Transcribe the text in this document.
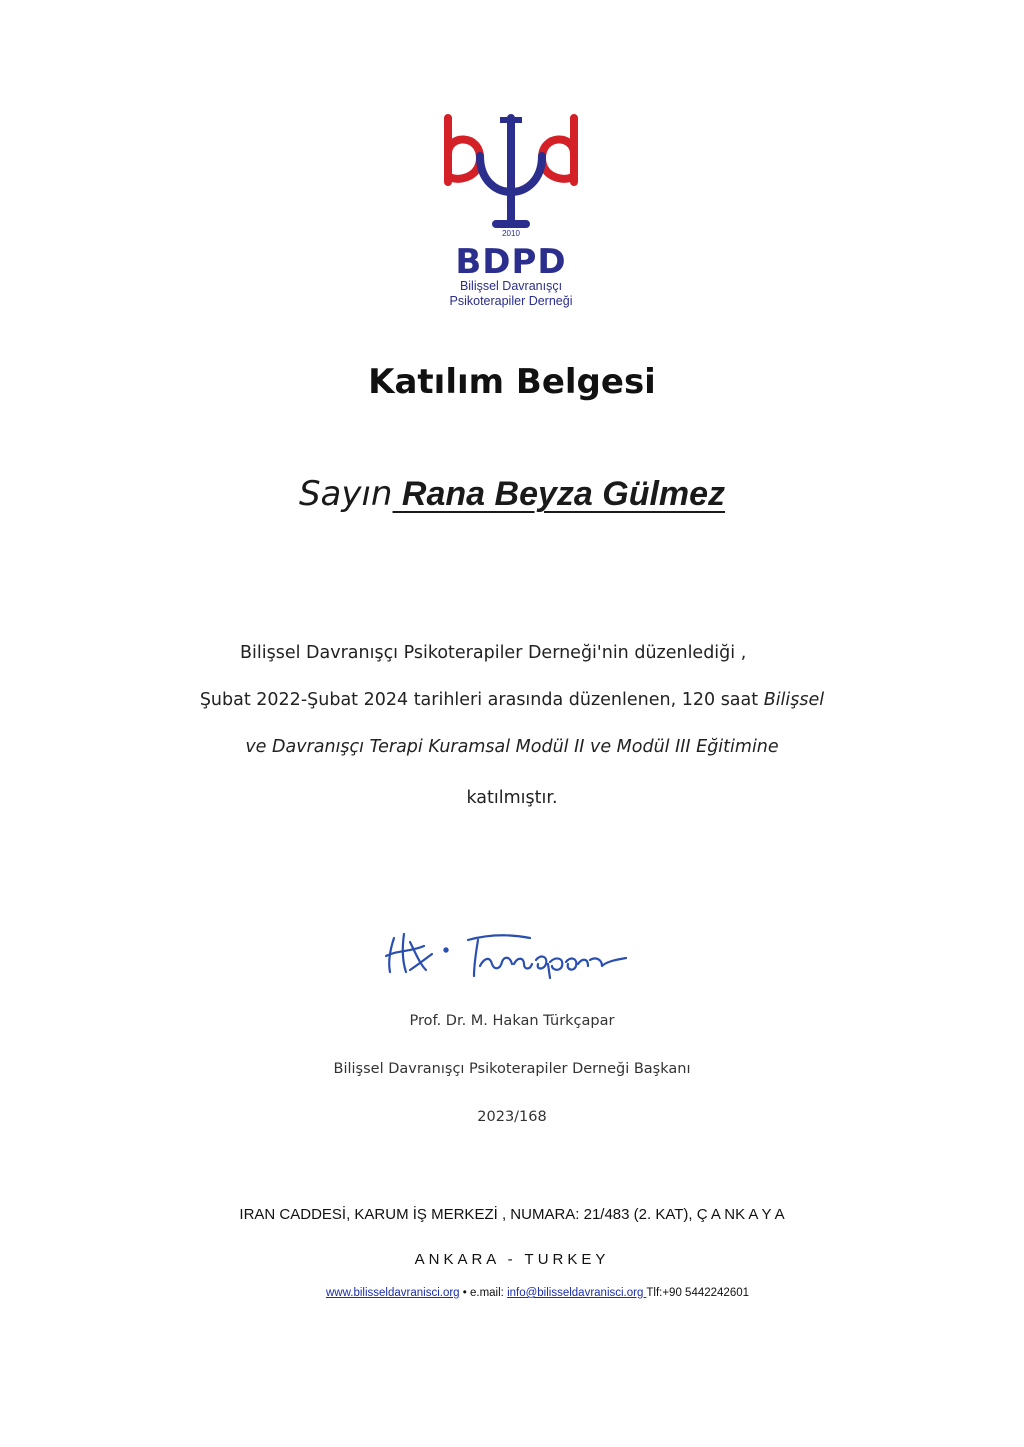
2010
BDPD
Bilişsel Davranışçı
Psikoterapiler Derneği
Katılım Belgesi
Sayın Rana Beyza Gülmez
Bilişsel Davranışçı Psikoterapiler Derneği'nin düzenlediği ,
Şubat 2022-Şubat 2024 tarihleri arasında düzenlenen, 120 saat Bilişsel
ve Davranışçı Terapi Kuramsal Modül II ve Modül III Eğitimine
katılmıştır.
Prof. Dr. M. Hakan Türkçapar
Bilişsel Davranışçı Psikoterapiler Derneği Başkanı
2023/168
IRAN CADDESİ, KARUM İŞ MERKEZİ , NUMARA: 21/483 (2. KAT), Ç A NK A Y A
ANKARA - TURKEY
www.bilisseldavranisci.org • e.mail: info@bilisseldavranisci.org Tlf:+90 5442242601
